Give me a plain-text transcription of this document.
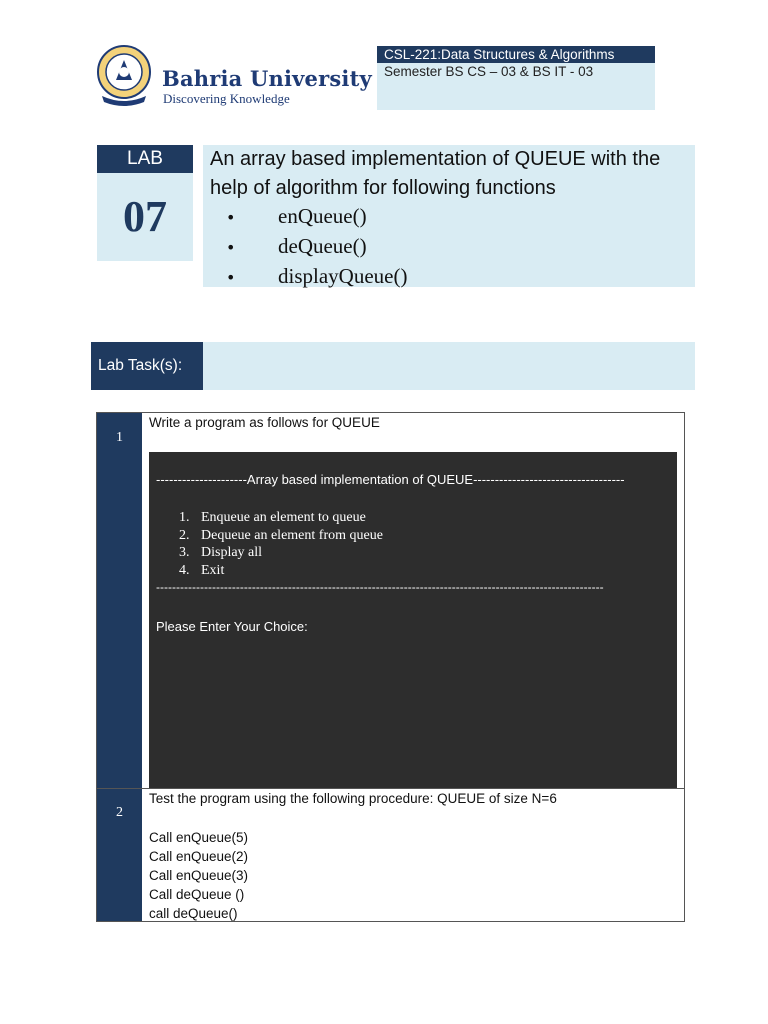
Bahria University
Discovering Knowledge
CSL-221:Data Structures & Algorithms
Semester BS CS – 03 & BS IT - 03
LAB
07
An array based implementation of QUEUE with the help of algorithm for following functions
• enQueue()
• deQueue()
• displayQueue()
Lab Task(s):
1
Write a program as follows for QUEUE
---------------------Array based implementation of QUEUE-----------------------------------
1. Enqueue an element to queue
2. Dequeue an element from queue
3. Display all
4. Exit
----------------------------------------------------------------------------------------------------------------
Please Enter Your Choice:
2
Test the program using the following procedure: QUEUE of size N=6
Call enQueue(5)
Call enQueue(2)
Call enQueue(3)
Call deQueue ()
call deQueue()
